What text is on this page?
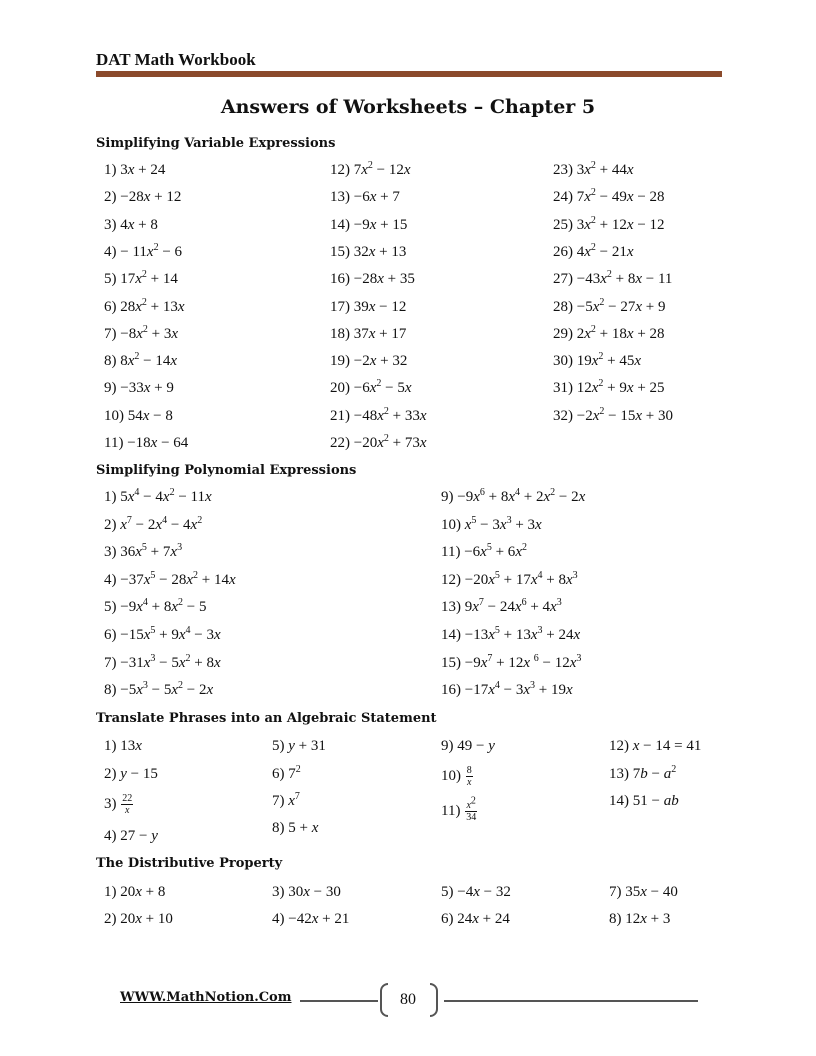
DAT Math Workbook
Answers of Worksheets – Chapter 5
Simplifying Variable Expressions
1) 3x + 24
2) −28x + 12
3) 4x + 8
$4) - 11x^2 - 6$
5) $17x^2 + 14$
6) $28x^2 + 13x$
$7) -8x^2 + 3x$
8) $8x^2 - 14x$
9) −33x + 9
10) 54x − 8
11) −18x − 64
12) $7x^2 - 12x$
13) −6x + 7
14) −9x + 15
15) 32x + 13
16) −28x + 35
17) 39x − 12
18) 37x + 17
19) −2x + 32
$20) -6x^2 - 5x$
$21) -48x^2 + 33x$
$22) -20x^2 + 73x$
23) $3x^2 + 44x$
24) $7x^2 - 49x - 28$
25) $3x^2 + 12x - 12$
26) $4x^2 - 21x$
$27) -43x^2 + 8x - 11$
$28) -5x^2 - 27x + 9$
29) $2x^2 + 18x + 28$
30) $19x^2 + 45x$
31) $12x^2 + 9x + 25$
$32) -2x^2 - 15x + 30$
Simplifying Polynomial Expressions
1) $5x^4 - 4x^2 - 11x$
2) $x^7 - 2x^4 - 4x^2$
3) $36x^5 + 7x^3$
$4) -37x^5 - 28x^2 + 14x$
$5) -9x^4 + 8x^2 - 5$
$6) -15x^5 + 9x^4 - 3x$
$7) -31x^3 - 5x^2 + 8x$
$8) -5x^3 - 5x^2 - 2x$
$9) -9x^6 + 8x^4 + 2x^2 - 2x$
10) $x^5 - 3x^3 + 3x$
$11) -6x^5 + 6x^2$
$12) -20x^5 + 17x^4 + 8x^3$
13) $9x^7 - 24x^6 + 4x^3$
$14) -13x^5 + 13x^3 + 24x$
$15) -9x^7 + 12x$ $^6 - 12x^3$
$16) -17x^4 - 3x^3 + 19x$
Translate Phrases into an Algebraic Statement
1) 13x
2) y − 15
$3) \frac{22}{x}$
4) 27 − y
5) y + 31
6) $7^2$
7) $x^7$
8) 5 + x
9) 49 − y
$10) \frac{8}{x}$
$11) \frac{x^2}{34}$
12) x − 14 = 41
13) $7b - a^2$
14) 51 − ab
The Distributive Property
1) 20x + 8
2) 20x + 10
3) 30x − 30
4) −42x + 21
5) −4x − 32
6) 24x + 24
7) 35x − 40
8) 12x + 3
WWW.MathNotion.Com	80
